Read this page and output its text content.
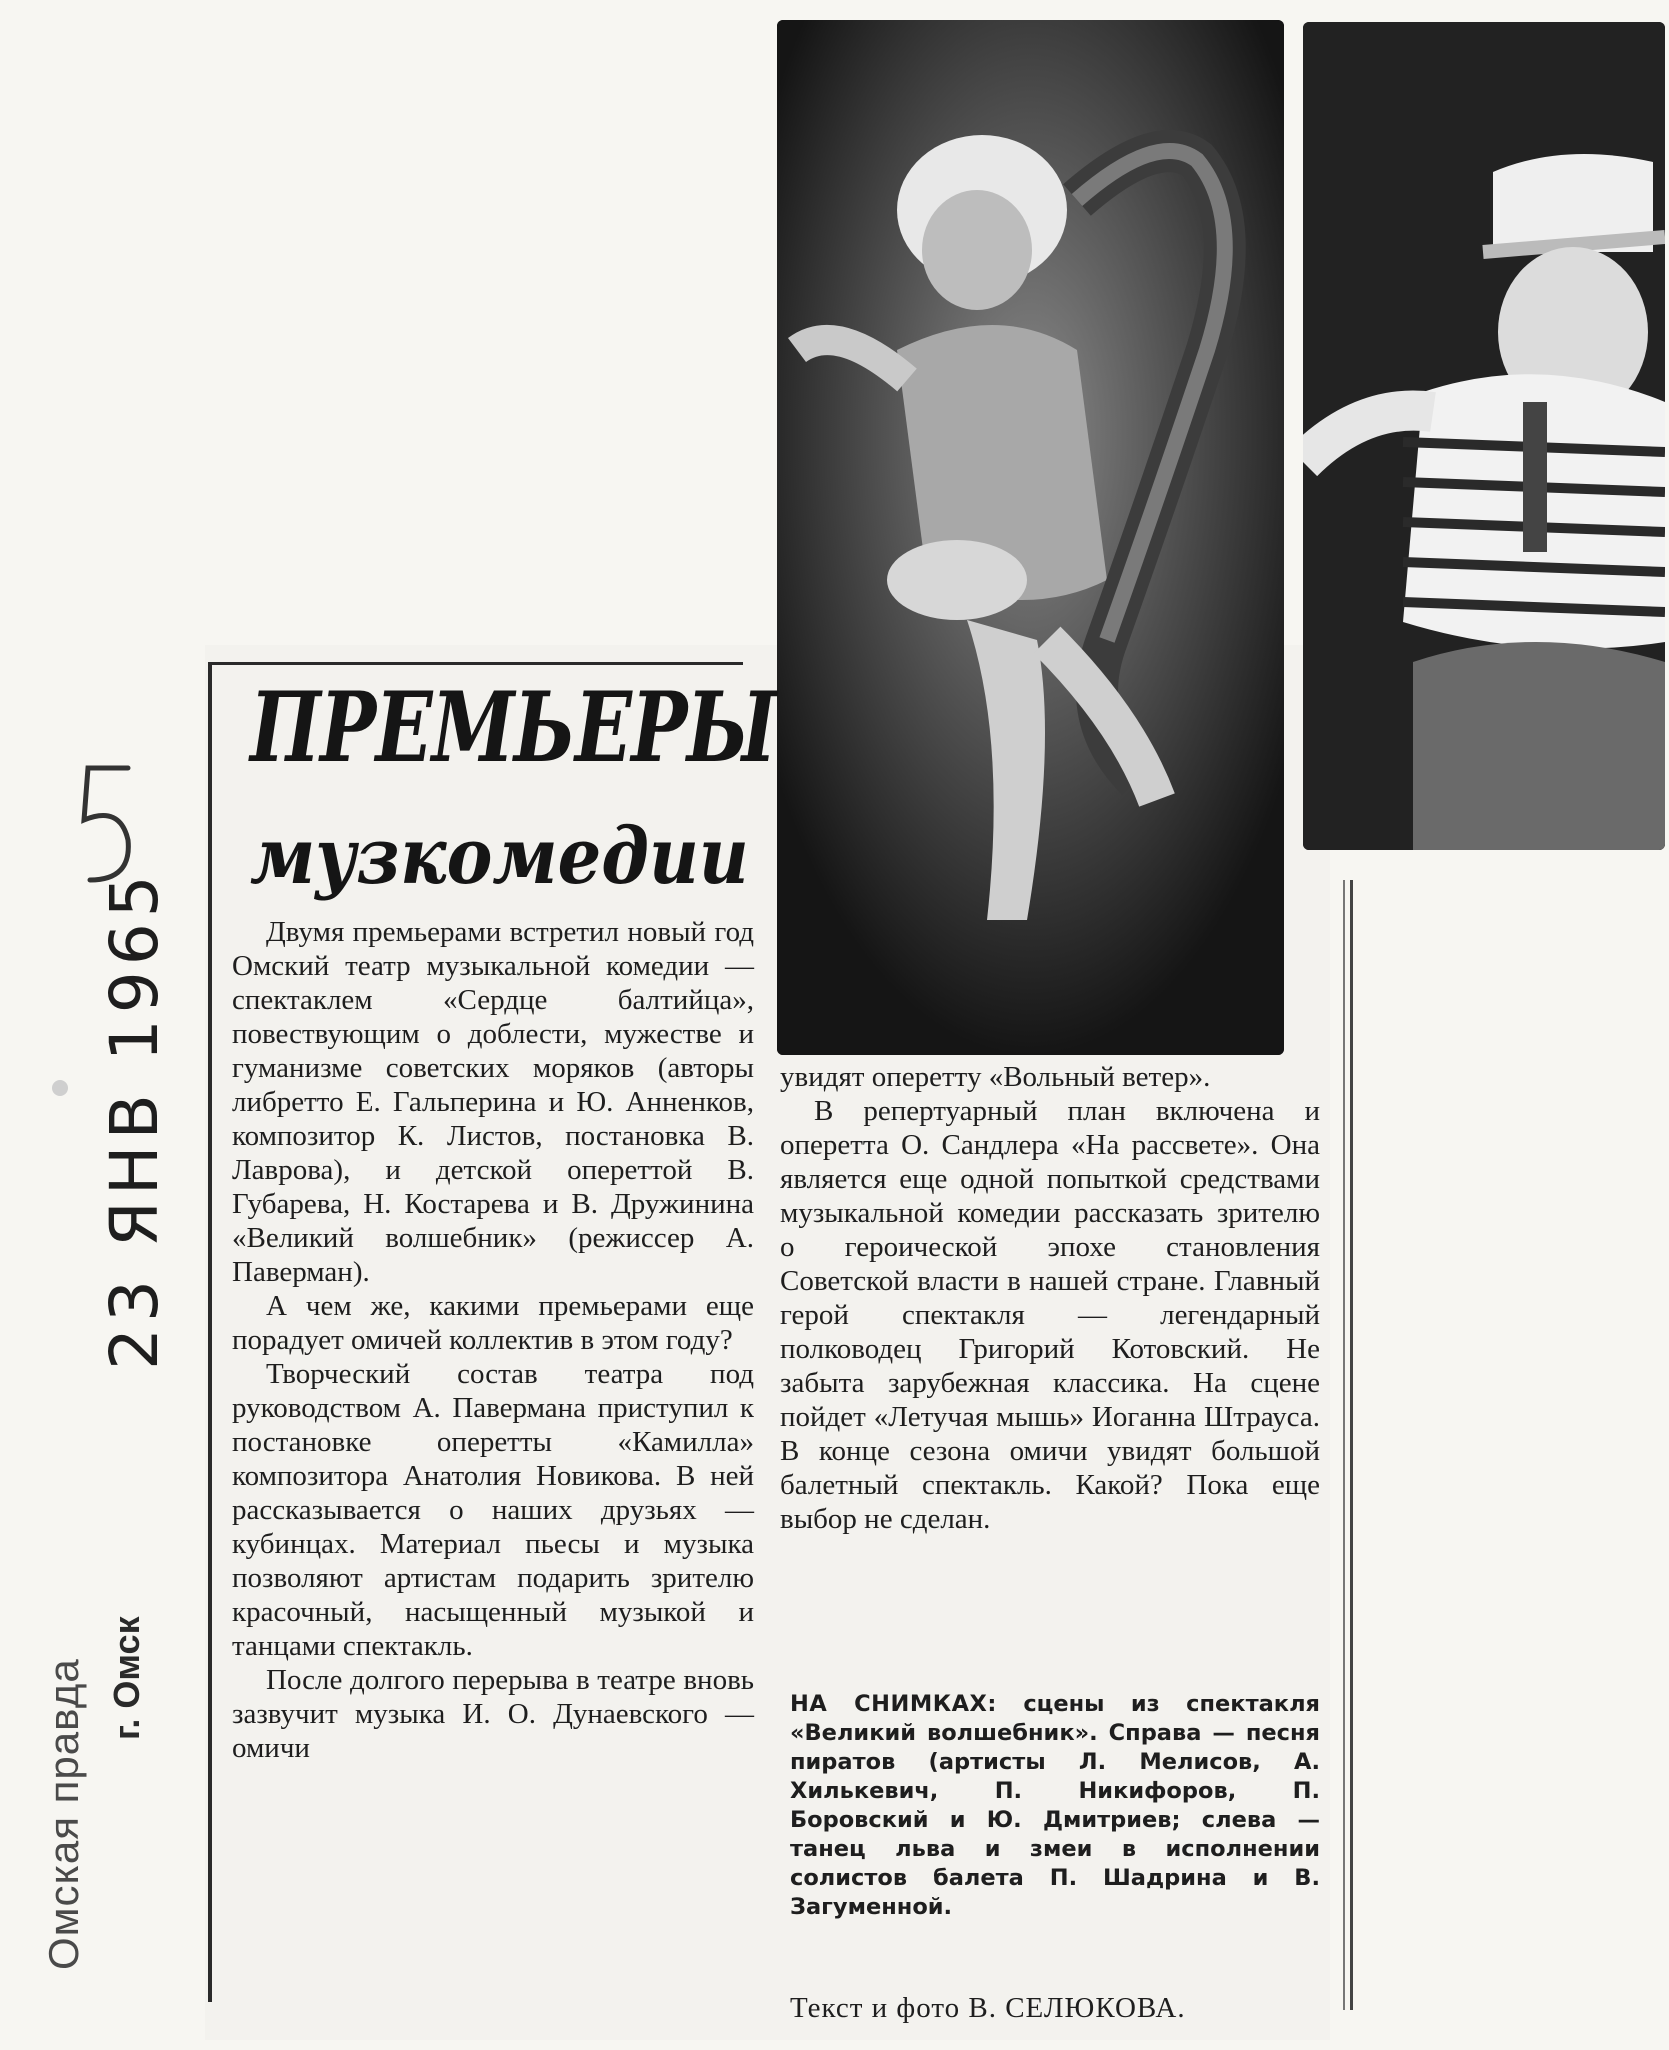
ПРЕМЬЕРЫ
музкомедии

Двумя премьерами встретил новый год Омский театр музыкальной комедии — спектаклем «Сердце балтийца», повествующим о доблести, мужестве и гуманизме советских моряков (авторы либретто Е. Гальперина и Ю. Анненков, композитор К. Листов, постановка В. Лаврова), и детской опереттой В. Губарева, Н. Костарева и В. Дружинина «Великий волшебник» (режиссер А. Паверман).

А чем же, какими премьерами еще порадует омичей коллектив в этом году?

Творческий состав театра под руководством А. Павермана приступил к постановке оперетты «Камилла» композитора Анатолия Новикова. В ней рассказывается о наших друзьях — кубинцах. Материал пьесы и музыка позволяют артистам подарить зрителю красочный, насыщенный музыкой и танцами спектакль.

После долгого перерыва в театре вновь зазвучит музыка И. О. Дунаевского — омичи

увидят оперетту «Вольный ветер».

В репертуарный план включена и оперетта О. Сандлера «На рассвете». Она является еще одной попыткой средствами музыкальной комедии рассказать зрителю о героической эпохе становления Советской власти в нашей стране. Главный герой спектакля — легендарный полководец Григорий Котовский. Не забыта зарубежная классика. На сцене пойдет «Летучая мышь» Иоганна Штрауса. В конце сезона омичи увидят большой балетный спектакль. Какой? Пока еще выбор не сделан.

НА СНИМКАХ: сцены из спектакля «Великий волшебник». Справа — песня пиратов (артисты Л. Мелисов, А. Хилькевич, П. Никифоров, П. Боровский и Ю. Дмитриев; слева — танец льва и змеи в исполнении солистов балета П. Шадрина и В. Загуменной.

Текст и фото В. СЕЛЮКОВА.

Омская правда г. Омск
23 ЯНВ 1965
